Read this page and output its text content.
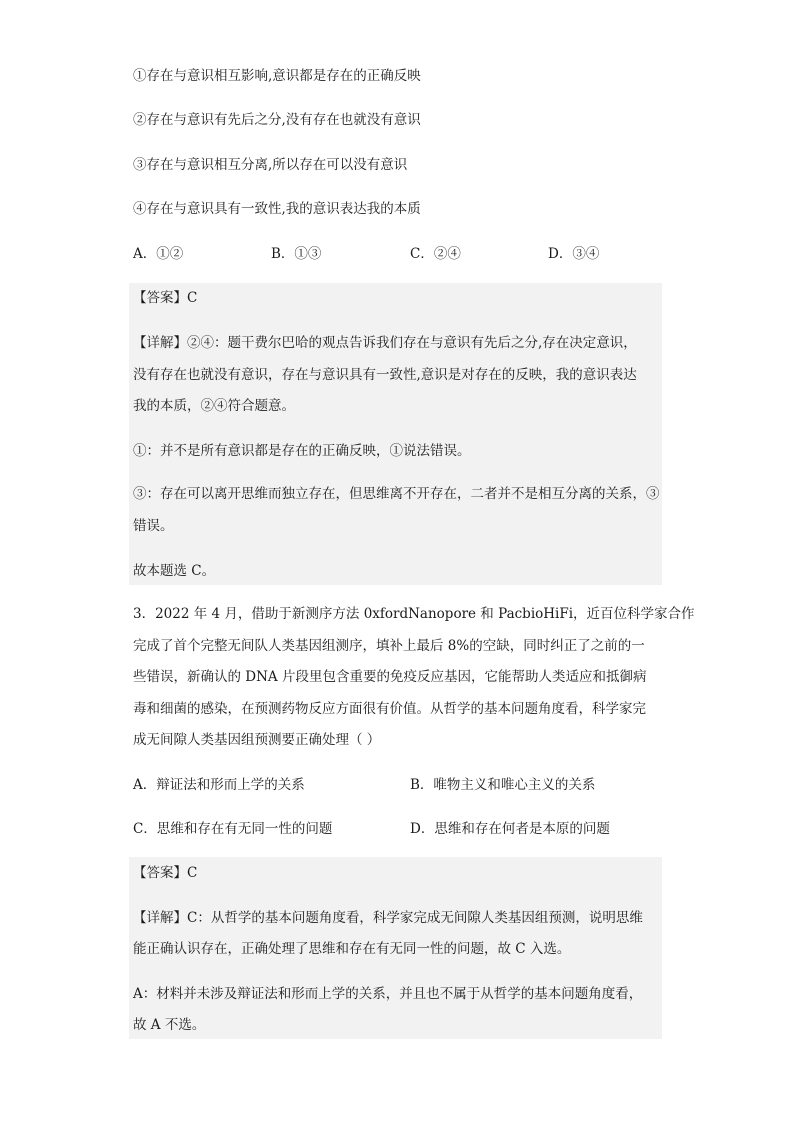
①存在与意识相互影响,意识都是存在的正确反映
②存在与意识有先后之分,没有存在也就没有意识
③存在与意识相互分离,所以存在可以没有意识
④存在与意识具有一致性,我的意识表达我的本质
A．①②	B．①③	C．②④	D．③④
【答案】C
【详解】②④：题干费尔巴哈的观点告诉我们存在与意识有先后之分,存在决定意识，
没有存在也就没有意识，存在与意识具有一致性,意识是对存在的反映，我的意识表达
我的本质，②④符合题意。
①：并不是所有意识都是存在的正确反映，①说法错误。
③：存在可以离开思维而独立存在，但思维离不开存在，二者并不是相互分离的关系，③
错误。
故本题选 C。
3．2022 年 4 月，借助于新测序方法 0xfordNanopore 和 PacbioHiFi，近百位科学家合作
完成了首个完整无间队人类基因组测序，填补上最后 8%的空缺，同时纠正了之前的一
些错误，新确认的 DNA 片段里包含重要的免疫反应基因，它能帮助人类适应和抵御病
毒和细菌的感染，在预测药物反应方面很有价值。从哲学的基本问题角度看，科学家完
成无间隙人类基因组预测要正确处理（ ）
A．辩证法和形而上学的关系	B．唯物主义和唯心主义的关系
C．思维和存在有无同一性的问题	D．思维和存在何者是本原的问题
【答案】C
【详解】C：从哲学的基本问题角度看，科学家完成无间隙人类基因组预测，说明思维
能正确认识存在，正确处理了思维和存在有无同一性的问题，故 C 入选。
A：材料并未涉及辩证法和形而上学的关系，并且也不属于从哲学的基本问题角度看，
故 A 不选。
